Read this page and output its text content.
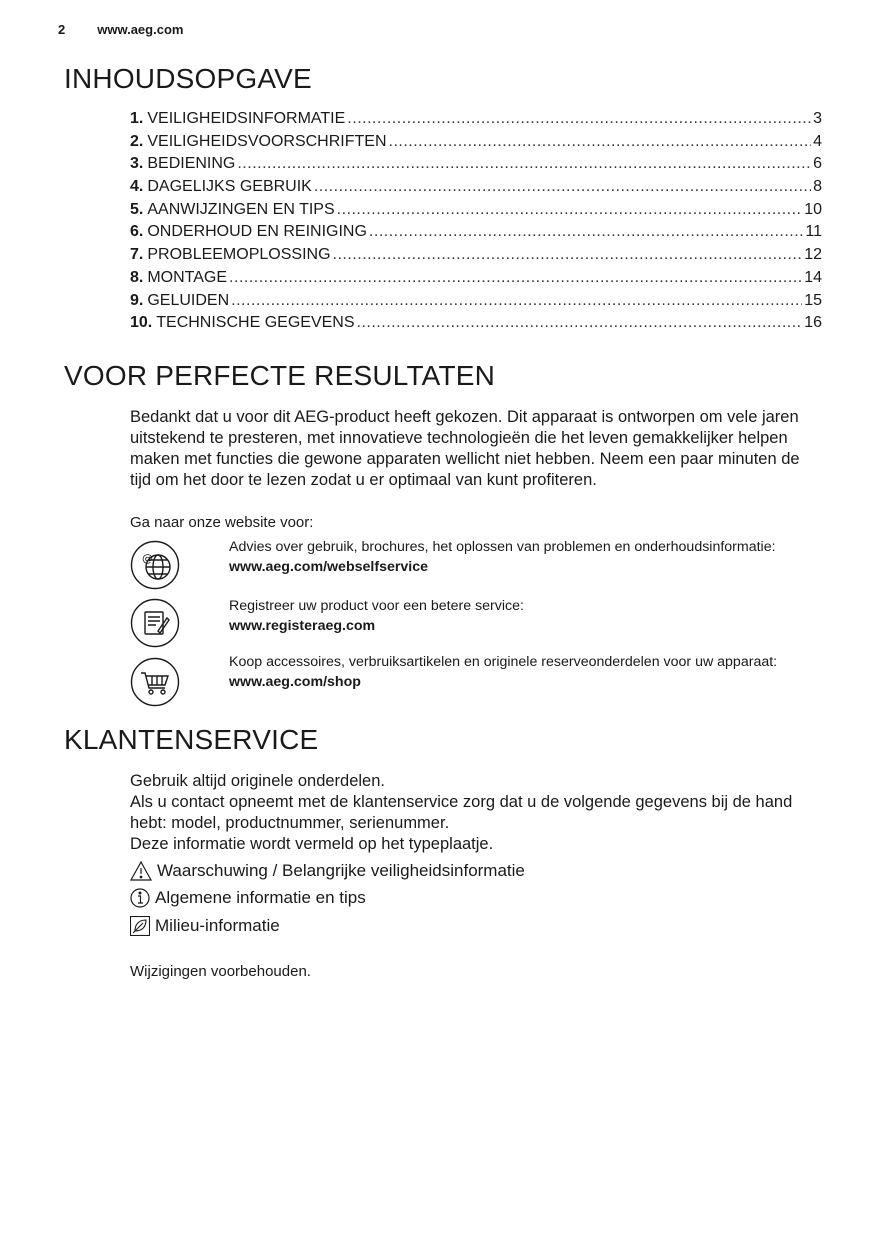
2 www.aeg.com
INHOUDSOPGAVE
1. VEILIGHEIDSINFORMATIE .....	3
2. VEILIGHEIDSVOORSCHRIFTEN .....	4
3. BEDIENING .....	6
4. DAGELIJKS GEBRUIK .....	8
5. AANWIJZINGEN EN TIPS .....	10
6. ONDERHOUD EN REINIGING .....	11
7. PROBLEEMOPLOSSING .....	12
8. MONTAGE .....	14
9. GELUIDEN .....	15
10. TECHNISCHE GEGEVENS .....	16
VOOR PERFECTE RESULTATEN

Bedankt dat u voor dit AEG-product heeft gekozen. Dit apparaat is ontworpen om vele jaren uitstekend te presteren, met innovatieve technologieën die het leven gemakkelijker helpen maken met functies die gewone apparaten wellicht niet hebben. Neem een paar minuten de tijd om het door te lezen zodat u er optimaal van kunt profiteren.

Ga naar onze website voor:

@
Advies over gebruik, brochures, het oplossen van problemen en onderhoudsinformatie:
www.aeg.com/webselfservice
Registreer uw product voor een betere service:
www.registeraeg.com
Koop accessoires, verbruiksartikelen en originele reserveonderdelen voor uw apparaat:
www.aeg.com/shop
KLANTENSERVICE

Gebruik altijd originele onderdelen.

Als u contact opneemt met de klantenservice zorg dat u de volgende gegevens bij de hand hebt: model, productnummer, serienummer.

Deze informatie wordt vermeld op het typeplaatje.

Waarschuwing / Belangrijke veiligheidsinformatie
Algemene informatie en tips
Milieu-informatie

Wijzigingen voorbehouden.
